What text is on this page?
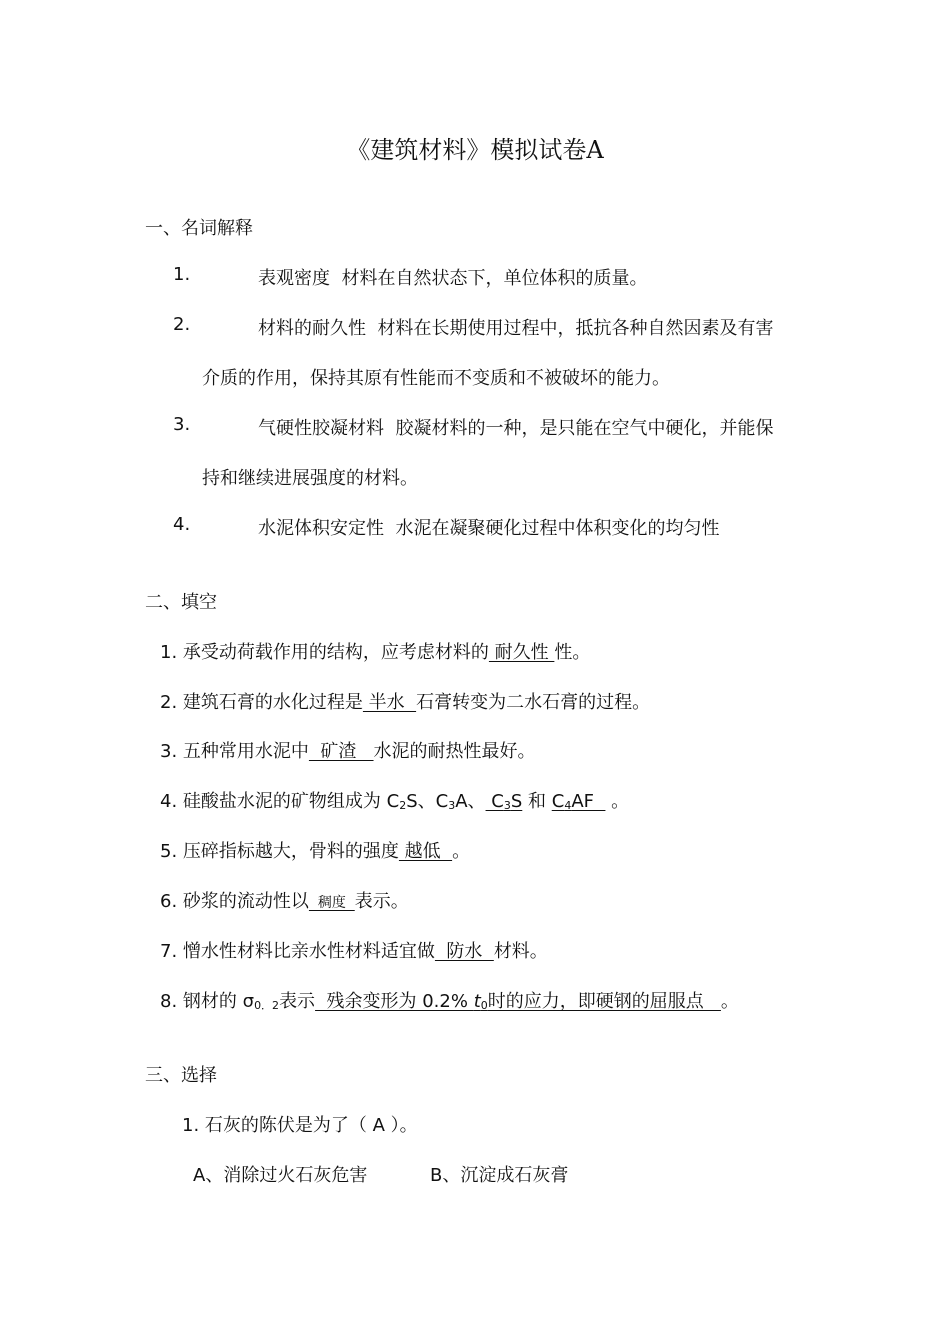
《建筑材料》模拟试卷A
一、名词解释
1.	表观密度 材料在自然状态下，单位体积的质量。
2.	材料的耐久性 材料在长期使用过程中，抵抗各种自然因素及有害
介质的作用，保持其原有性能而不变质和不被破坏的能力。
3.	气硬性胶凝材料 胶凝材料的一种，是只能在空气中硬化，并能保
持和继续进展强度的材料。
4.	水泥体积安定性 水泥在凝聚硬化过程中体积变化的均匀性
二、填空
1. 承受动荷载作用的结构，应考虑材料的 耐久性 性。
2. 建筑石膏的水化过程是 半水  石膏转变为二水石膏的过程。
3. 五种常用水泥中  矿渣   水泥的耐热性最好。
4. 硅酸盐水泥的矿物组成为 $C_2S$、$C_3A$、 $C_3S$ 和 $C_4AF$   。
5. 压碎指标越大，骨料的强度 越低  。
6. 砂浆的流动性以  稠度  表示。
7. 憎水性材料比亲水性材料适宜做  防水  材料。
8. 钢材的 $\sigma_{0.2}$表示  残余变形为 0.2% $t_0$时的应力，即硬钢的屈服点   。
三、选择
1. 石灰的陈伏是为了（ A ）。
A、消除过火石灰危害	B、沉淀成石灰膏
